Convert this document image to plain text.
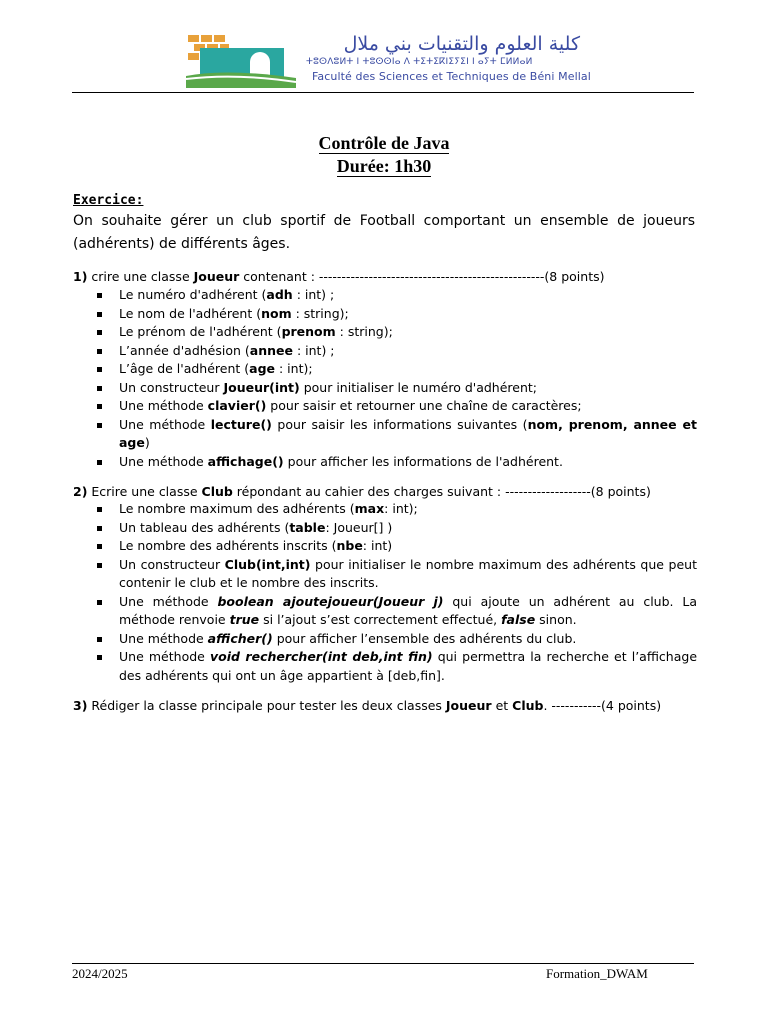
كلية العلوم والتقنيات بني ملال
ⵜⵓⵙⴷⵓⵍⵜ ⵏ ⵜⵓⵙⵙⵏⴰ ⴷ ⵜⵉⵜⵉⴽⵏⵉⵢⵉⵏ ⵏ ⴰⵢⵜ ⵎⵍⵍⴰⵍ
Faculté des Sciences et Techniques de Béni Mellal
Contrôle de Java
Durée: 1h30
Exercice:
On souhaite gérer un club sportif de Football comportant un ensemble de joueurs (adhérents) de différents âges.
1) crire une classe Joueur contenant : --------------------------------------------------(8 points)
Le numéro d'adhérent (adh : int) ;
Le nom de l'adhérent (nom : string);
Le prénom de l'adhérent (prenom : string);
L’année d'adhésion (annee : int) ;
L’âge de l'adhérent (age : int);
Un constructeur Joueur(int) pour initialiser le numéro d'adhérent;
Une méthode clavier() pour saisir et retourner une chaîne de caractères;
Une méthode lecture() pour saisir les informations suivantes (nom, prenom, annee et age)
Une méthode affichage() pour afficher les informations de l'adhérent.
2) Ecrire une classe Club répondant au cahier des charges suivant : -------------------(8 points)
Le nombre maximum des adhérents (max: int);
Un tableau des adhérents (table: Joueur[] )
Le nombre des adhérents inscrits (nbe: int)
Un constructeur Club(int,int) pour initialiser le nombre maximum des adhérents que peut contenir le club et le nombre des inscrits.
Une méthode boolean ajoutejoueur(Joueur j) qui ajoute un adhérent au club. La méthode renvoie true si l’ajout s’est correctement effectué, false sinon.
Une méthode afficher() pour afficher l’ensemble des adhérents du club.
Une méthode void rechercher(int deb,int fin) qui permettra la recherche et l’affichage des adhérents qui ont un âge appartient à [deb,fin].
3) Rédiger la classe principale pour tester les deux classes Joueur et Club. -----------(4 points)
2024/2025	Formation_DWAM
